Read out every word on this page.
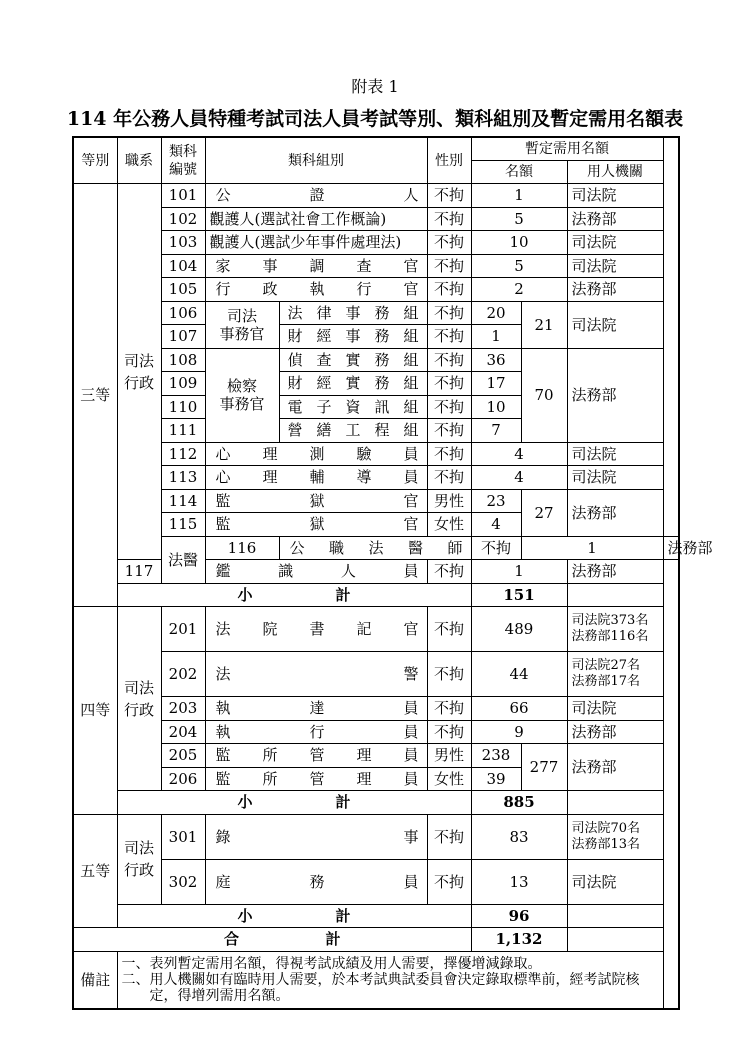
附表 1
114 年公務人員特種考試司法人員考試等別、類科組別及暫定需用名額表
等別	職系	類科
編號	類科組別		性別	暫定需用名額			
						名額		用人機關	
三等	司法
行政	101	公證人		不拘	1		司法院	
		102	觀護人(選試社會工作概論)		不拘	5		法務部	
		103	觀護人(選試少年事件處理法)		不拘	10		司法院	
		104	家事調查官		不拘	5		司法院	
		105	行政執行官		不拘	2		法務部	
		106	司法
事務官	法律事務組	不拘	20	21	司法院	
		107		財經事務組	不拘	1			
		108	檢察
事務官	偵查實務組	不拘	36	70	法務部	
		109		財經實務組	不拘	17			
		110		電子資訊組	不拘	10			
		111		營繕工程組	不拘	7			
		112	心理測驗員		不拘	4		司法院	
		113	心理輔導員		不拘	4		司法院	
		114	監獄官		男性	23	27	法務部	
		115	監獄官		女性	4			
		法醫	116	公職法醫師		不拘	1		法務部
	117		鑑識人員		不拘	1		法務部	
	小計					151			
四等	司法
行政	201	法院書記官		不拘	489		司法院373名
法務部116名	
		202	法警		不拘	44		司法院27名
法務部17名	
		203	執達員		不拘	66		司法院	
		204	執行員		不拘	9		法務部	
		205	監所管理員		男性	238	277	法務部	
		206	監所管理員		女性	39			
	小計					885			
五等	司法
行政	301	錄事		不拘	83		司法院70名
法務部13名	
		302	庭務員		不拘	13		司法院	
	小計					96			
合計						1,132			
備註	一、表列暫定需用名額，得視考試成績及用人需要，擇優增減錄取。
二、用人機關如有臨時用人需要，於本考試典試委員會決定錄取標準前，經考試院核定，得增列需用名額。								
